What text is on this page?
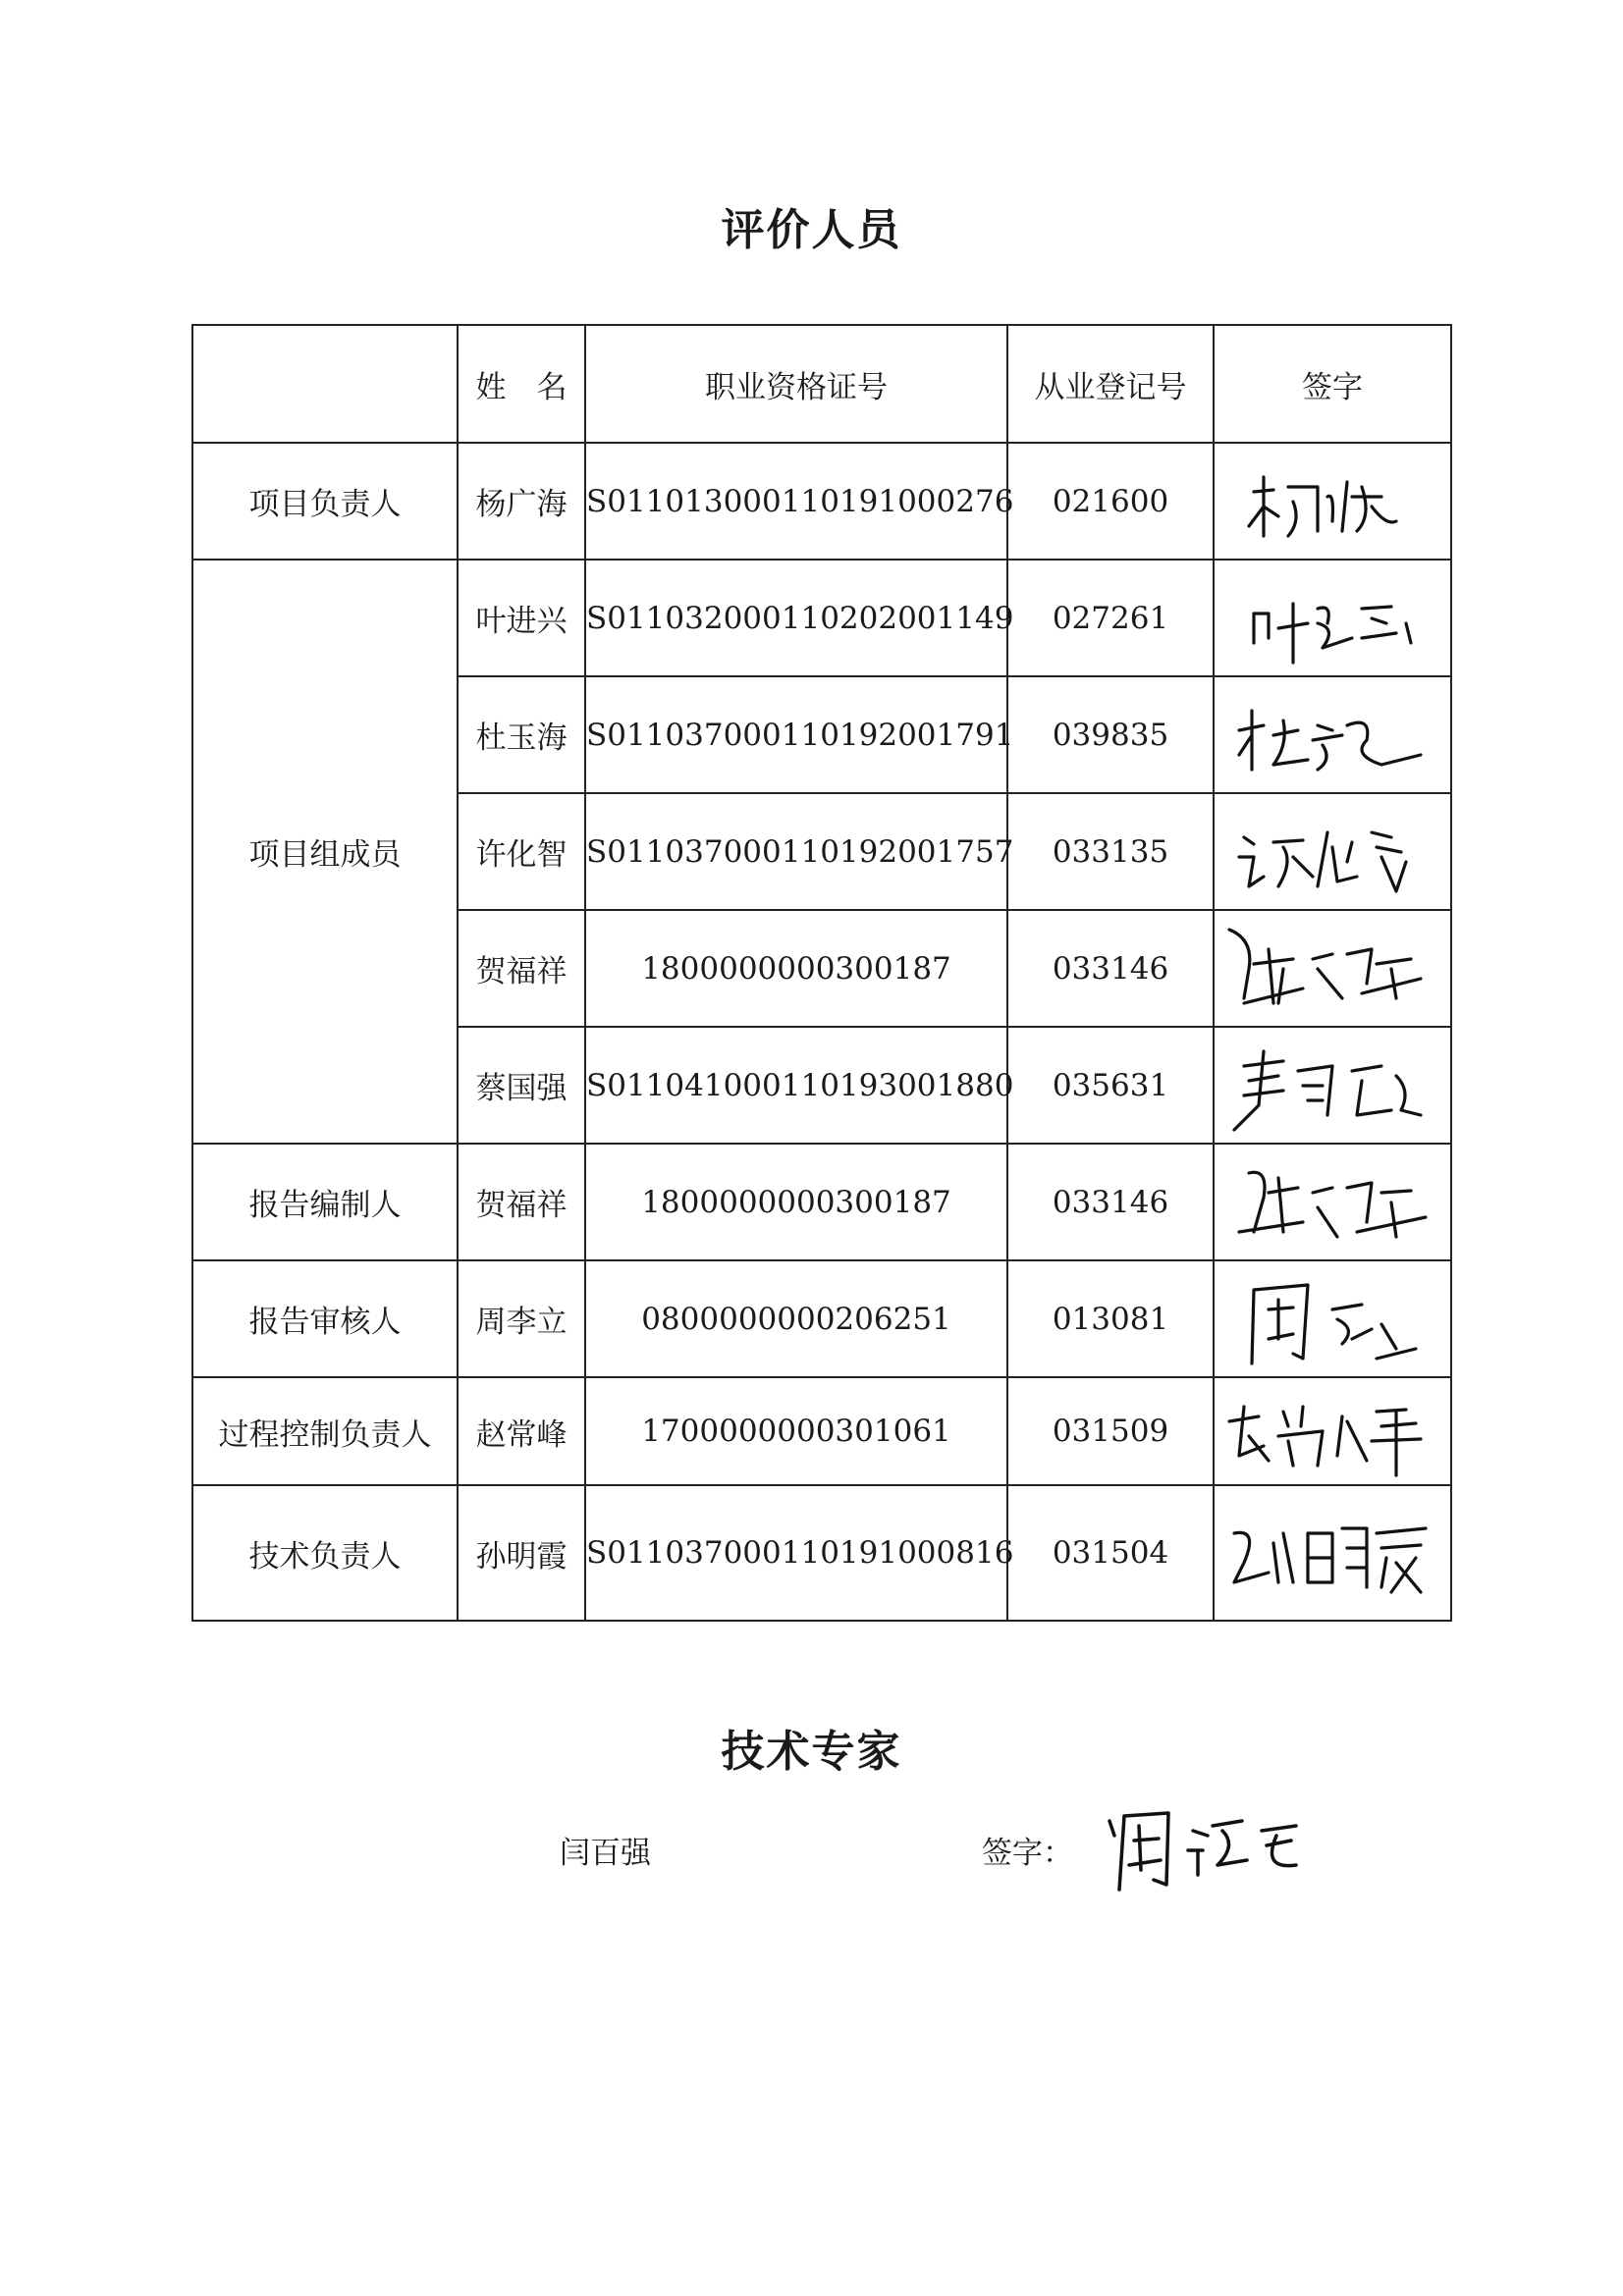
评价人员
	姓　名	职业资格证号	从业登记号	签字
项目负责人	杨广海	S011013000110191000276	021600	

项目组成员	叶进兴	S011032000110202001149	027261	

	杜玉海	S011037000110192001791	039835	

	许化智	S011037000110192001757	033135	

	贺福祥	1800000000300187	033146	

	蔡国强	S011041000110193001880	035631	

报告编制人	贺福祥	1800000000300187	033146	

报告审核人	周李立	0800000000206251	013081	

过程控制负责人	赵常峰	1700000000301061	031509	

技术负责人	孙明霞	S011037000110191000816	031504	
技术专家
闫百强	签字：
